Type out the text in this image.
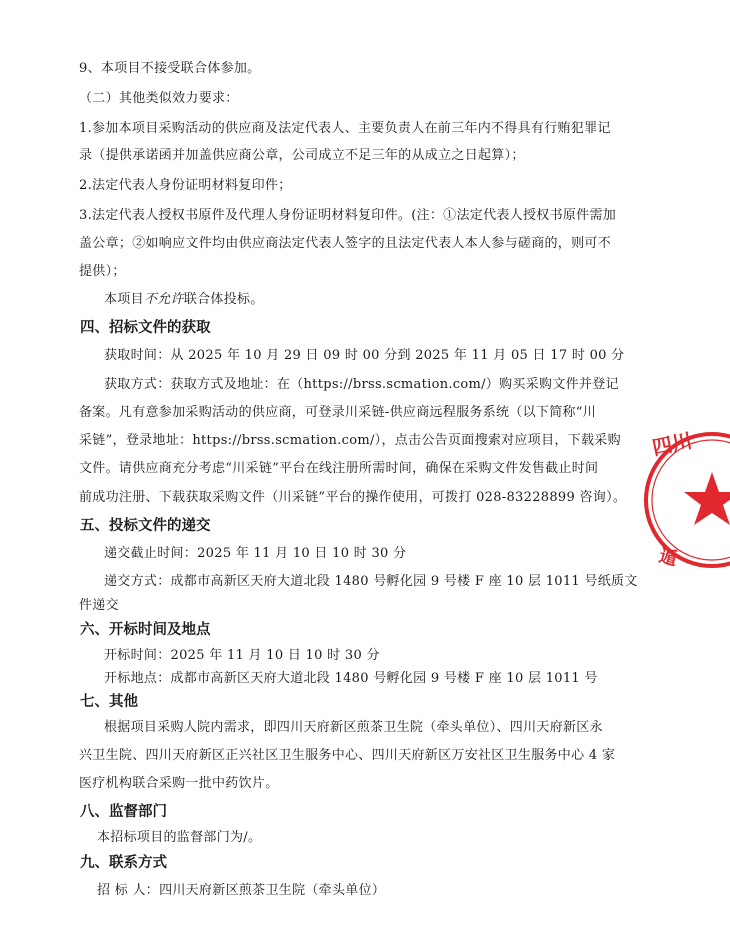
9、本项目不接受联合体参加。
（二）其他类似效力要求：
1.参加本项目采购活动的供应商及法定代表人、主要负责人在前三年内不得具有行贿犯罪记
录（提供承诺函并加盖供应商公章，公司成立不足三年的从成立之日起算）；
2.法定代表人身份证明材料复印件；
3.法定代表人授权书原件及代理人身份证明材料复印件。(注：①法定代表人授权书原件需加
盖公章；②如响应文件均由供应商法定代表人签字的且法定代表人本人参与磋商的，则可不
提供）；
本项目不允许联合体投标。
四、招标文件的获取
获取时间：从 2025 年 10 月 29 日 09 时 00 分到 2025 年 11 月 05 日 17 时 00 分
获取方式：获取方式及地址：在（https://brss.scmation.com/）购买采购文件并登记
备案。凡有意参加采购活动的供应商，可登录川采链-供应商远程服务系统（以下简称“川
采链”，登录地址：https://brss.scmation.com/），点击公告页面搜索对应项目，下载采购
文件。请供应商充分考虑“川采链”平台在线注册所需时间，确保在采购文件发售截止时间
前成功注册、下载获取采购文件（川采链”平台的操作使用，可拨打 028-83228899 咨询）。
五、投标文件的递交
递交截止时间：2025 年 11 月 10 日 10 时 30 分
递交方式：成都市高新区天府大道北段 1480 号孵化园 9 号楼 F 座 10 层 1011 号纸质文
件递交
六、开标时间及地点
开标时间：2025 年 11 月 10 日 10 时 30 分
开标地点：成都市高新区天府大道北段 1480 号孵化园 9 号楼 F 座 10 层 1011 号
七、其他
根据项目采购人院内需求，即四川天府新区煎茶卫生院（牵头单位）、四川天府新区永
兴卫生院、四川天府新区正兴社区卫生服务中心、四川天府新区万安社区卫生服务中心 4 家
医疗机构联合采购一批中药饮片。
八、监督部门
本招标项目的监督部门为/。
九、联系方式
招 标 人：四川天府新区煎茶卫生院（牵头单位）
四川
遁
